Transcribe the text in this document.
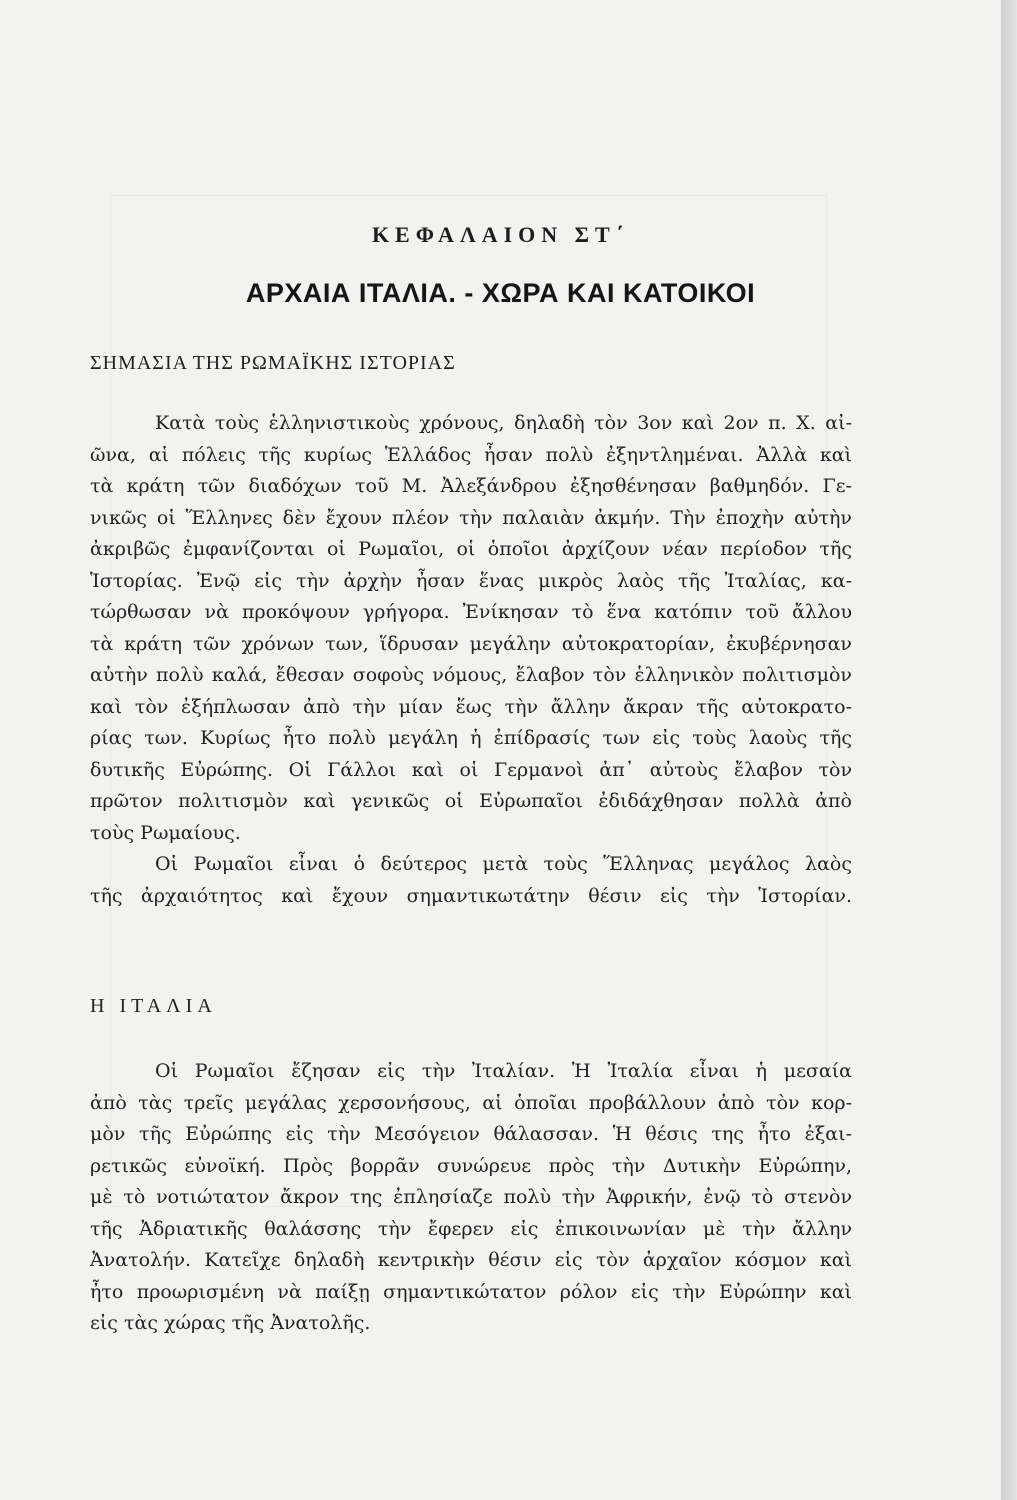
ΚΕΦΑΛΑΙΟΝ ΣΤ΄
ΑΡΧΑΙΑ ΙΤΑΛΙΑ. - ΧΩΡΑ ΚΑΙ ΚΑΤΟΙΚΟΙ
ΣΗΜΑΣΙΑ ΤΗΣ ΡΩΜΑΪΚΗΣ ΙΣΤΟΡΙΑΣ
Κατὰ τοὺς ἑλληνιστικοὺς χρόνους, δηλαδὴ τὸν 3ον καὶ 2ον π. Χ. αἰ-
ῶνα, αἱ πόλεις τῆς κυρίως Ἑλλάδος ἦσαν πολὺ ἐξηντλημέναι. Ἀλλὰ καὶ
τὰ κράτη τῶν διαδόχων τοῦ Μ. Ἀλεξάνδρου ἐξησθένησαν βαθμηδόν. Γε-
νικῶς οἱ Ἕλληνες δὲν ἔχουν πλέον τὴν παλαιὰν ἀκμήν. Τὴν ἐποχὴν αὐτὴν
ἀκριβῶς ἐμφανίζονται οἱ Ρωμαῖοι, οἱ ὁποῖοι ἀρχίζουν νέαν περίοδον τῆς
Ἱστορίας. Ἐνῷ εἰς τὴν ἀρχὴν ἦσαν ἕνας μικρὸς λαὸς τῆς Ἰταλίας, κα-
τώρθωσαν νὰ προκόψουν γρήγορα. Ἐνίκησαν τὸ ἕνα κατόπιν τοῦ ἄλλου
τὰ κράτη τῶν χρόνων των, ἵδρυσαν μεγάλην αὐτοκρατορίαν, ἐκυβέρνησαν
αὐτὴν πολὺ καλά, ἔθεσαν σοφοὺς νόμους, ἔλαβον τὸν ἑλληνικὸν πολιτισμὸν
καὶ τὸν ἐξήπλωσαν ἀπὸ τὴν μίαν ἕως τὴν ἄλλην ἄκραν τῆς αὐτοκρατο-
ρίας των. Κυρίως ἦτο πολὺ μεγάλη ἡ ἐπίδρασίς των εἰς τοὺς λαοὺς τῆς
δυτικῆς Εὐρώπης. Οἱ Γάλλοι καὶ οἱ Γερμανοὶ ἀπ᾽ αὐτοὺς ἔλαβον τὸν
πρῶτον πολιτισμὸν καὶ γενικῶς οἱ Εὐρωπαῖοι ἐδιδάχθησαν πολλὰ ἀπὸ
τοὺς Ρωμαίους.
Οἱ Ρωμαῖοι εἶναι ὁ δεύτερος μετὰ τοὺς Ἕλληνας μεγάλος λαὸς
τῆς ἀρχαιότητος καὶ ἔχουν σημαντικωτάτην θέσιν εἰς τὴν Ἱστορίαν.
Η ΙΤΑΛΙΑ
Οἱ Ρωμαῖοι ἔζησαν εἰς τὴν Ἰταλίαν. Ἡ Ἰταλία εἶναι ἡ μεσαία
ἀπὸ τὰς τρεῖς μεγάλας χερσονήσους, αἱ ὁποῖαι προβάλλουν ἀπὸ τὸν κορ-
μὸν τῆς Εὐρώπης εἰς τὴν Μεσόγειον θάλασσαν. Ἡ θέσις της ἦτο ἐξαι-
ρετικῶς εὐνοϊκή. Πρὸς βορρᾶν συνώρευε πρὸς τὴν Δυτικὴν Εὐρώπην,
μὲ τὸ νοτιώτατον ἄκρον της ἐπλησίαζε πολὺ τὴν Ἀφρικήν, ἐνῷ τὸ στενὸν
τῆς Ἀδριατικῆς θαλάσσης τὴν ἔφερεν εἰς ἐπικοινωνίαν μὲ τὴν ἄλλην
Ἀνατολήν. Κατεῖχε δηλαδὴ κεντρικὴν θέσιν εἰς τὸν ἀρχαῖον κόσμον καὶ
ἦτο προωρισμένη νὰ παίξῃ σημαντικώτατον ρόλον εἰς τὴν Εὐρώπην καὶ
εἰς τὰς χώρας τῆς Ἀνατολῆς.
